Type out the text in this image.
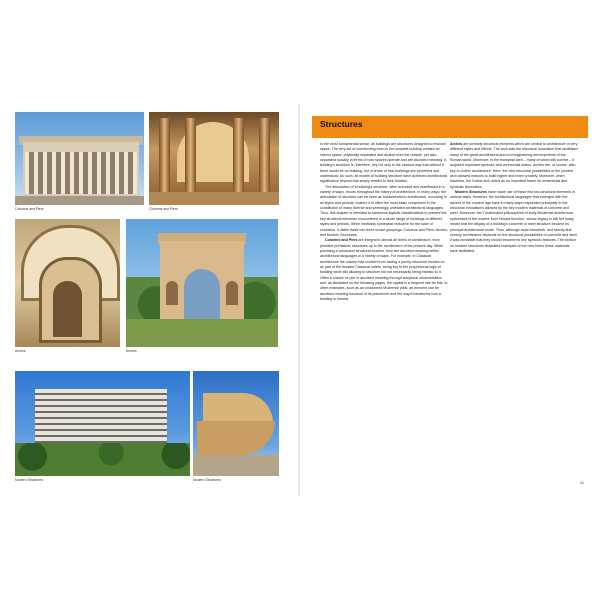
Columns and Piers	Columns and Piers
Arches	Arches
Modern Structures	Modern Structures
Structures

In the most fundamental sense, all buildings are structures designed to enclose space. The very act of constructing even in the simplest building creates an interior space, physically separated and distinct from the outside, yet also separated socially in terms of how spaces operate and are ascribed meaning. A building's structure is, therefore, key not only in the obvious way that without it there would be no building, but in terms of how buildings are perceived and understood. As such, all modes of building structure have achieved architectural significance beyond that simply related to their function.

The articulation of a building's structure, often encoded and manifested in a variety of ways, recurs throughout the history of architecture. In many ways, the articulation of structure can be seen as fundamental to architecture, occurring in all styles and periods. Indeed, it is often the most basic component in the constitution of many diverse and seemingly unrelated architectural languages. Thus, this chapter is intended to transcend stylistic classifications to present the key structural elements encountered in a whole range of buildings of different styles and periods. While inevitably somewhat reductive for the sake of concision, it distils these into three broad groupings: Columns and Piers; Arches; and Modern Structures.

Columns and Piers are integral to almost all forms of architecture, from primitive prehistoric structures up to the architecture of the present day. While providing a consistent structural function, they are ascribed meaning within architectural languages in a variety of ways. For example, in Classical architecture the column has evolved from having a purely structural function to, as part of the broader Classical orders, being key to the proportional logic of building while still alluding to structure but not necessarily being intrinsic to it. Often a column or pier is ascribed meaning through sculptural ornamentation and, as illustrated on the following pages, the capital is a frequent site for this. In other examples, such as an unadorned Modernist piloti, an element can be ascribed meaning because of its placement and the way it transforms how a building is formed.

Arches are similarly structural elements which are central to architecture of very different styles and effects. The arch was the structural innovation that facilitated many of the great architectural and civil engineering developments of the Roman world. Moreover, in the triumphal arch – many of which still survive – it acquired important symbolic and ceremonial status. Arches are, of course, also key to Gothic architecture. Here, the new structural possibilities of the pointed arch allowed masons to build higher and more ornately. Moreover, when traceried, the Gothic arch acted as an important frame for ornamental and symbolic decoration.

Modern Structures have made use of these first two structural elements in various ways. However, the architectural languages that emerged with the advent of the modern age have in many ways responded principally to the structural innovations allowed by the key modern materials of concrete and steel. Moreover, the Functionalist philosophies of early Modernist architecture, epitomized in the mantra 'form follows function', whose legacy is still felt today, meant that the display of a building's concrete or steel structure became its principal architectural mode. Thus, although much twentieth- and twenty-first-century architecture depends on the structural possibilities of concrete and steel, it was inevitable that they should become its key symbolic features. The section on modern structures illustrates examples of the new forms these materials have facilitated.

41
